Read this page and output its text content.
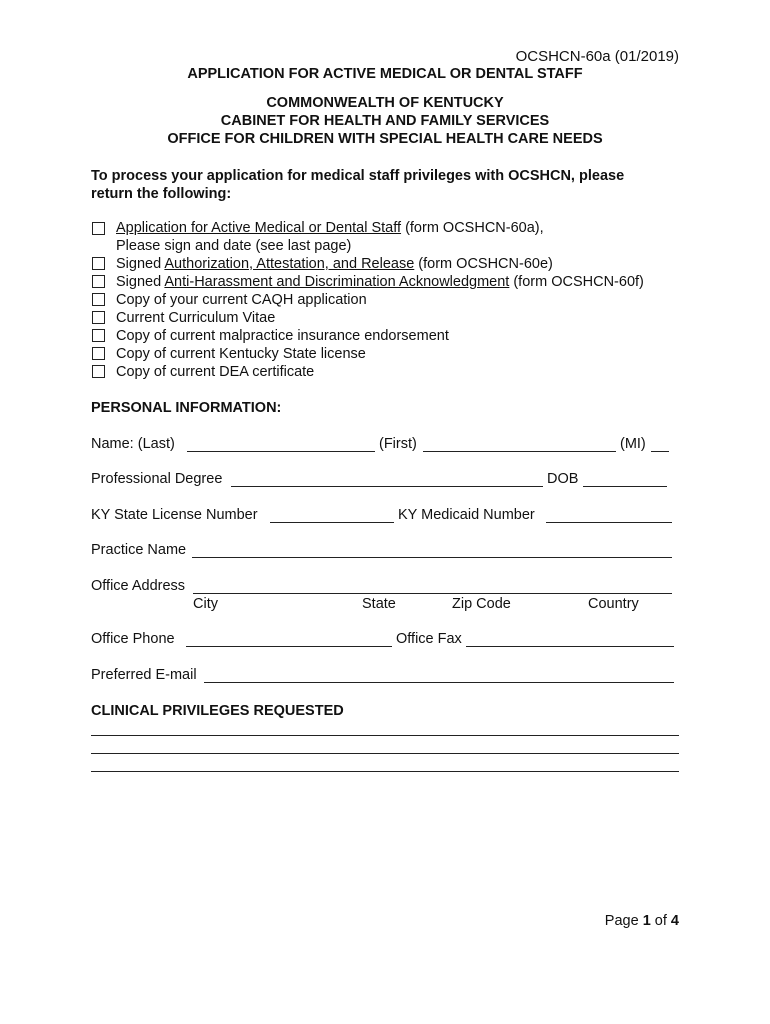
OCSHCN-60a (01/2019)
APPLICATION FOR ACTIVE MEDICAL OR DENTAL STAFF
COMMONWEALTH OF KENTUCKY
CABINET FOR HEALTH AND FAMILY SERVICES
OFFICE FOR CHILDREN WITH SPECIAL HEALTH CARE NEEDS
To process your application for medical staff privileges with OCSHCN, please
return the following:
Application for Active Medical or Dental Staff (form OCSHCN-60a),
Please sign and date (see last page)
Signed Authorization, Attestation, and Release (form OCSHCN-60e)
Signed Anti-Harassment and Discrimination Acknowledgment (form OCSHCN-60f)
Copy of your current CAQH application
Current Curriculum Vitae
Copy of current malpractice insurance endorsement
Copy of current Kentucky State license
Copy of current DEA certificate
PERSONAL INFORMATION:
Name: (Last)	(First)	(MI)
Professional Degree	DOB
KY State License Number	KY Medicaid Number
Practice Name
Office Address
City	State	Zip Code	Country
Office Phone	Office Fax
Preferred E-mail
CLINICAL PRIVILEGES REQUESTED
Page 1 of 4
